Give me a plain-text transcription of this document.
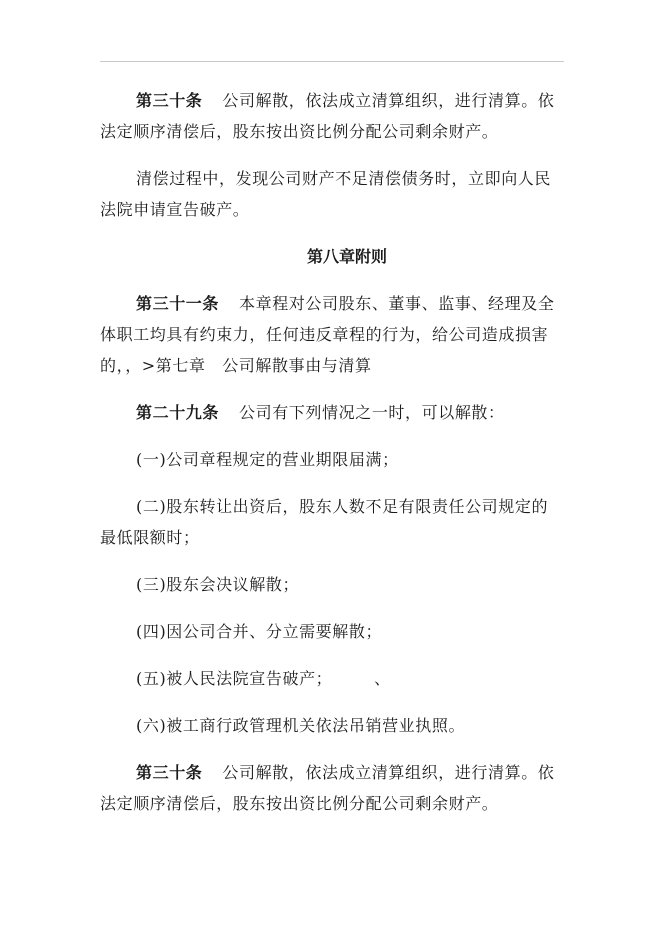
第三十条 公司解散，依法成立清算组织，进行清算。依法定顺序清偿后，股东按出资比例分配公司剩余财产。

清偿过程中，发现公司财产不足清偿债务时，立即向人民法院申请宣告破产。

第八章附则

第三十一条 本章程对公司股东、董事、监事、经理及全体职工均具有约束力，任何违反章程的行为，给公司造成损害的，，>第七章　公司解散事由与清算

第二十九条 公司有下列情况之一时，可以解散：

(一)公司章程规定的营业期限届满；

(二)股东转让出资后，股东人数不足有限责任公司规定的最低限额时；

(三)股东会决议解散；

(四)因公司合并、分立需要解散；

(五)被人民法院宣告破产；　　　、

(六)被工商行政管理机关依法吊销营业执照。

第三十条 公司解散，依法成立清算组织，进行清算。依法定顺序清偿后，股东按出资比例分配公司剩余财产。
